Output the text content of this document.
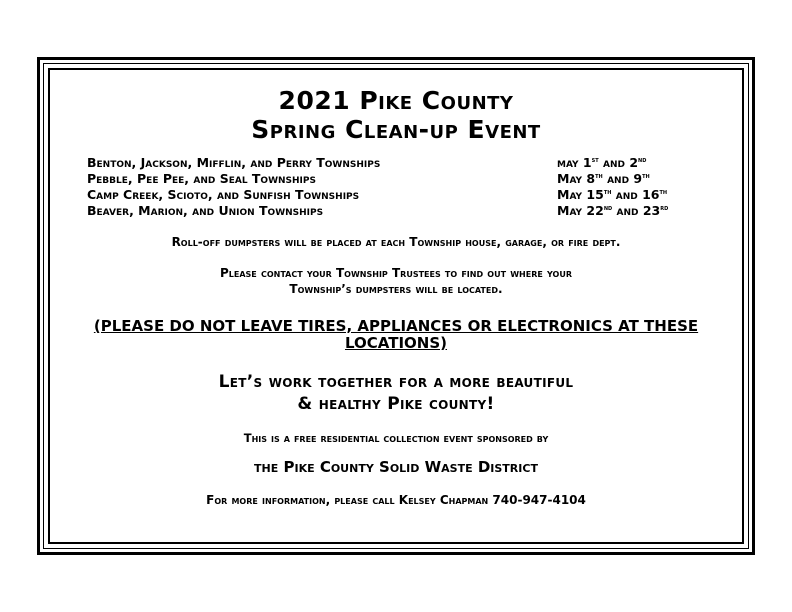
2021 Pike County
Spring Clean-up Event
Benton, Jackson, Mifflin, and Perry Townships	may 1st and 2nd
Pebble, Pee Pee, and Seal Townships	May 8th and 9th
Camp Creek, Scioto, and Sunfish Townships	May 15th and 16th
Beaver, Marion, and Union Townships	May 22nd and 23rd
Roll-off dumpsters will be placed at each Township house, garage, or fire dept.
Please contact your Township Trustees to find out where your
Township’s dumpsters will be located.
(PLEASE DO NOT LEAVE TIRES, APPLIANCES OR ELECTRONICS AT THESE
LOCATIONS)
Let’s work together for a more beautiful
& healthy Pike county!
This is a free residential collection event sponsored by
the Pike County Solid Waste District
For more information, please call Kelsey Chapman 740-947-4104
